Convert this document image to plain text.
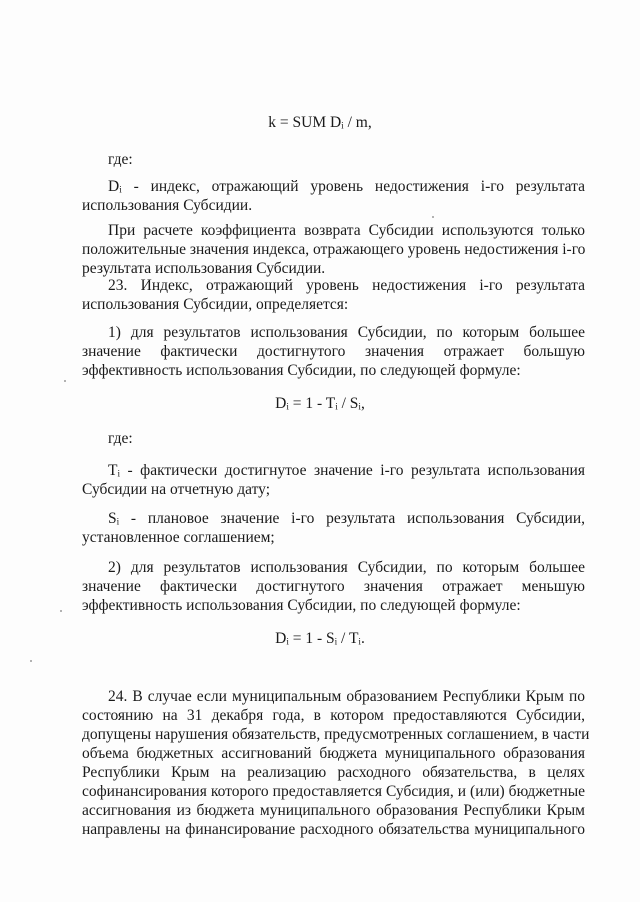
k = SUM Dᵢ / m,
где:
Dᵢ - индекс, отражающий уровень недостижения i-го результата
использования Субсидии.
При расчете коэффициента возврата Субсидии используются только
положительные значения индекса, отражающего уровень недостижения i-го
результата использования Субсидии.
23. Индекс, отражающий уровень недостижения i-го результата
использования Субсидии, определяется:
1) для результатов использования Субсидии, по которым большее
значение фактически достигнутого значения отражает большую
эффективность использования Субсидии, по следующей формуле:
Dᵢ = 1 - Tᵢ / Sᵢ,
где:
Tᵢ - фактически достигнутое значение i-го результата использования
Субсидии на отчетную дату;
Sᵢ - плановое значение i-го результата использования Субсидии,
установленное соглашением;
2) для результатов использования Субсидии, по которым большее
значение фактически достигнутого значения отражает меньшую
эффективность использования Субсидии, по следующей формуле:
Dᵢ = 1 - Sᵢ / Tᵢ.
24. В случае если муниципальным образованием Республики Крым по
состоянию на 31 декабря года, в котором предоставляются Субсидии,
допущены нарушения обязательств, предусмотренных соглашением, в части
объема бюджетных ассигнований бюджета муниципального образования
Республики Крым на реализацию расходного обязательства, в целях
софинансирования которого предоставляется Субсидия, и (или) бюджетные
ассигнования из бюджета муниципального образования Республики Крым
направлены на финансирование расходного обязательства муниципального
